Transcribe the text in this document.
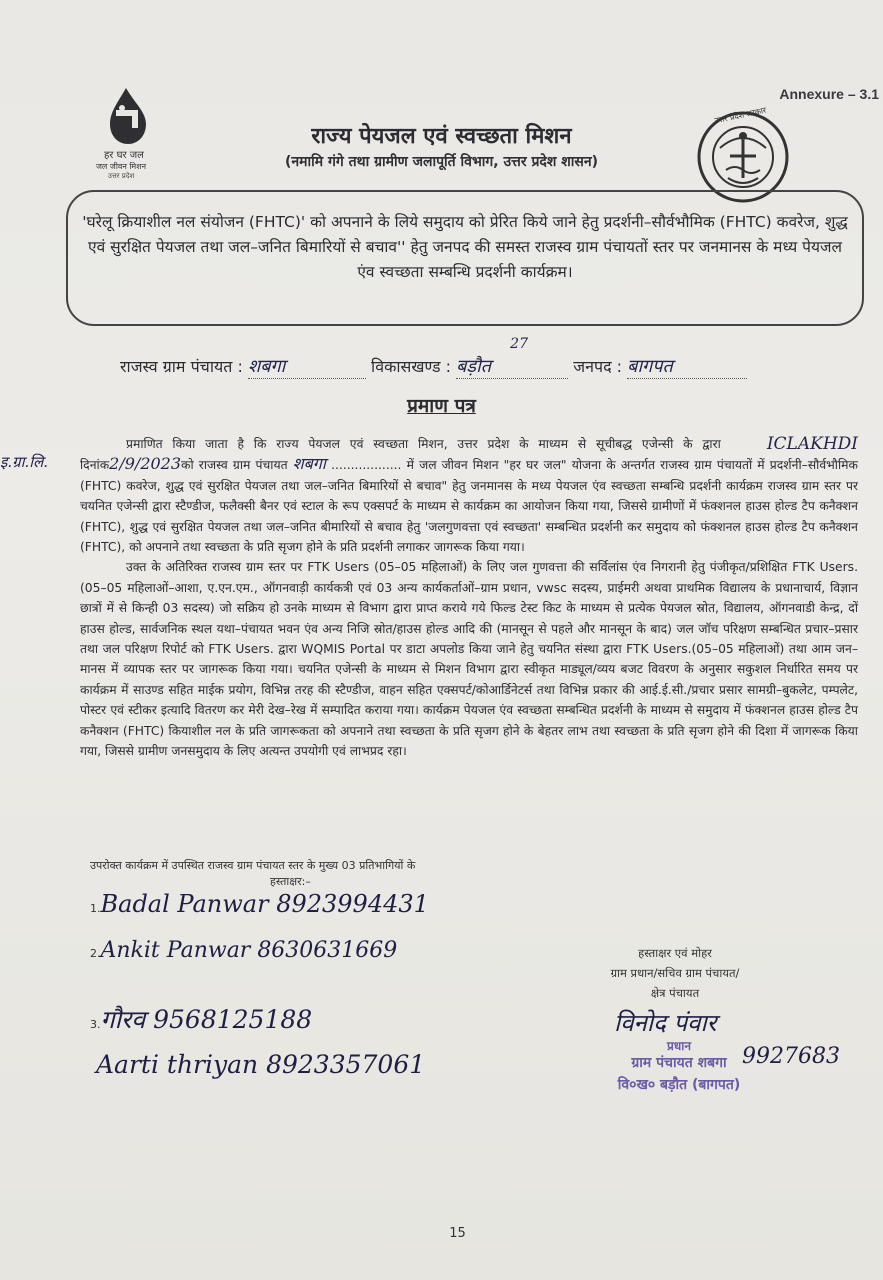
Annexure – 3.1
हर घर जल
जल जीवन मिशन
उत्तर प्रदेश
उत्तर प्रदेश सरकार
राज्य पेयजल एवं स्वच्छता मिशन
(नमामि गंगे तथा ग्रामीण जलापूर्ति विभाग, उत्तर प्रदेश शासन)
'घरेलू क्रियाशील नल संयोजन (FHTC)' को अपनाने के लिये समुदाय को प्रेरित किये जाने हेतु प्रदर्शनी–सौर्वभौमिक (FHTC) कवरेज, शुद्ध एवं सुरक्षित पेयजल तथा जल–जनित बिमारियों से बचाव'' हेतु जनपद की समस्त राजस्व ग्राम पंचायतों स्तर पर जनमानस के मध्य पेयजल एंव स्वच्छता सम्बन्धि प्रदर्शनी कार्यक्रम।
राजस्व ग्राम पंचायत : शबगा	विकासखण्ड : बड़ौत
27
जनपद : बागपत
प्रमाण पत्र
इ.ग्रा.लि.

प्रमाणित किया जाता है कि राज्य पेयजल एवं स्वच्छता मिशन, उत्तर प्रदेश के माध्यम से सूचीबद्ध एजेन्सी	ICLAKHDI
के द्वारा दिनांक2/9/2023को राजस्व ग्राम पंचायत शबगा .................. में जल जीवन मिशन "हर घर जल" योजना के अन्तर्गत राजस्व ग्राम पंचायतों में प्रदर्शनी–सौर्वभौमिक (FHTC) कवरेज, शुद्ध एवं सुरक्षित पेयजल तथा जल–जनित बिमारियों से बचाव" हेतु जनमानस के मध्य पेयजल एंव स्वच्छता सम्बन्धि प्रदर्शनी कार्यक्रम राजस्व ग्राम स्तर पर चयनित एजेन्सी द्वारा स्टैण्डीज, फलैक्सी बैनर एवं स्टाल के रूप एक्सपर्ट के माध्यम से कार्यक्रम का आयोजन किया गया, जिससे ग्रामीणों में फंक्शनल हाउस होल्ड टैप कनैक्शन (FHTC), शुद्ध एवं सुरक्षित पेयजल तथा जल–जनित बीमारियों से बचाव हेतु 'जलगुणवत्ता एवं स्वच्छता' सम्बन्धित प्रदर्शनी कर समुदाय को फंक्शनल हाउस होल्ड टैप कनैक्शन (FHTC), को अपनाने तथा स्वच्छता के प्रति सृजग होने के प्रति प्रदर्शनी लगाकर जागरूक किया गया।

उक्त के अतिरिक्त राजस्व ग्राम स्तर पर FTK Users (05–05 महिलाओं) के लिए जल गुणवत्ता की सर्विलांस एंव निगरानी हेतु पंजीकृत/प्रशिक्षित FTK Users.(05–05 महिलाओं–आशा, ए.एन.एम., ऑगनवाड़ी कार्यकत्री एवं 03 अन्य कार्यकर्ताओं–ग्राम प्रधान, vwsc सदस्य, प्राईमरी अथवा प्राथमिक विद्यालय के प्रधानाचार्य, विज्ञान छात्रों में से किन्ही 03 सदस्य) जो सक्रिय हो उनके माध्यम से विभाग द्वारा प्राप्त कराये गये फिल्ड टेस्ट किट के माध्यम से प्रत्येक पेयजल स्रोत, विद्यालय, ऑगनवाडी केन्द्र, दों हाउस होल्ड, सार्वजनिक स्थल यथा–पंचायत भवन एंव अन्य निजि स्रोत/हाउस होल्ड आदि की (मानसून से पहले और मानसून के बाद) जल जॉच परिक्षण सम्बन्धित प्रचार–प्रसार तथा जल परिक्षण रिपोर्ट को FTK Users. द्वारा WQMIS Portal पर डाटा अपलोड किया जाने हेतु चयनित संस्था द्वारा FTK Users.(05–05 महिलाओं) तथा आम जन–मानस में व्यापक स्तर पर जागरूक किया गया। चयनित एजेन्सी के माध्यम से मिशन विभाग द्वारा स्वीकृत माड्यूल/व्यय बजट विवरण के अनुसार सकुशल निर्धारित समय पर कार्यक्रम में साउण्ड सहित माईक प्रयोग, विभिन्न तरह की स्टैण्डीज, वाहन सहित एक्सपर्ट/कोआर्डिनेटर्स तथा विभिन्न प्रकार की आई.ई.सी./प्रचार प्रसार सामग्री–बुकलेट, पम्पलेट, पोस्टर एवं स्टीकर इत्यादि वितरण कर मेरी देख–रेख में सम्पादित कराया गया। कार्यक्रम पेयजल एंव स्वच्छता सम्बन्धित प्रदर्शनी के माध्यम से समुदाय में फंक्शनल हाउस होल्ड टैप कनैक्शन (FHTC) कियाशील नल के प्रति जागरूकता को अपनाने तथा स्वच्छता के प्रति सृजग होने के बेहतर लाभ तथा स्वच्छता के प्रति सृजग होने की दिशा में जागरूक किया गया, जिससे ग्रामीण जनसमुदाय के लिए अत्यन्त उपयोगी एवं लाभप्रद रहा।

उपरोक्त कार्यक्रम में उपस्थित राजस्व ग्राम पंचायत स्तर के मुख्य 03 प्रतिभागियों के
हस्ताक्षर:–
1.Badal Panwar 8923994431
2.Ankit Panwar 8630631669
3.गौरव 9568125188
Aarti thriyan 8923357061
हस्ताक्षर एवं मोहर
ग्राम प्रधान/सचिव ग्राम पंचायत/
क्षेत्र पंचायत
विनोद पंवार
9927683
प्रधान
ग्राम पंचायत शबगा
वि०ख० बड़ौत (बागपत)
15
